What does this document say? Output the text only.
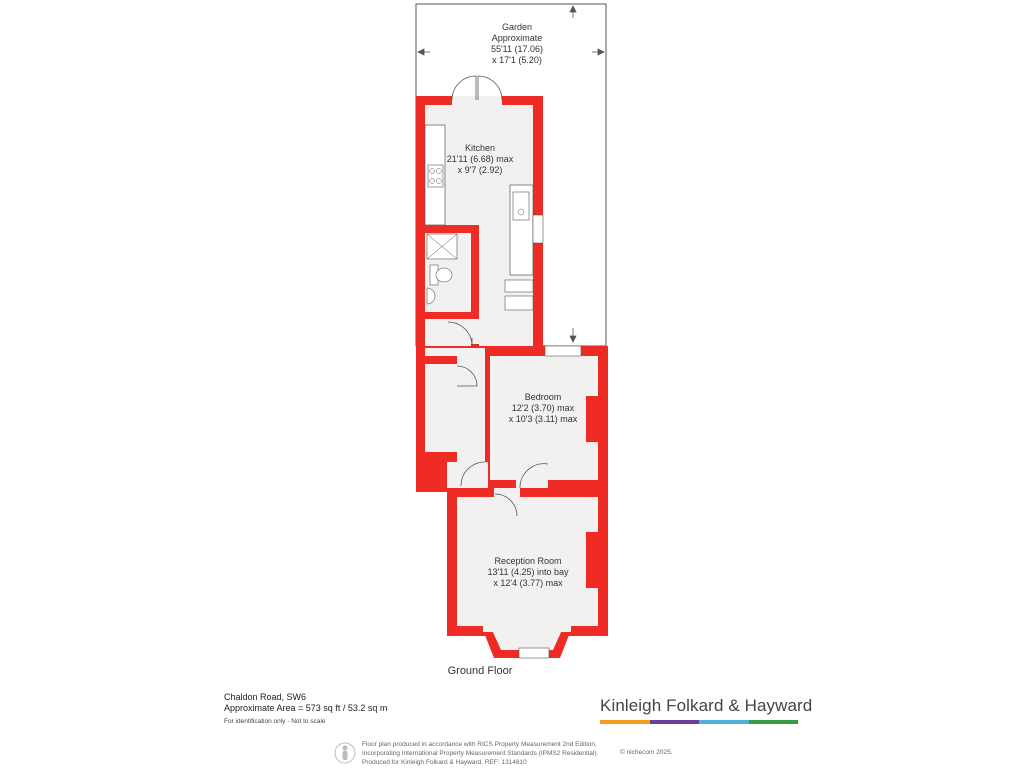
Garden
Approximate
55'11 (17.06)
x 17'1 (5.20)
Kitchen
21'11 (6.68) max
x 9'7 (2.92)
Bedroom
12'2 (3.70) max
x 10'3 (3.11) max
Reception Room
13'11 (4.25) into bay
x 12'4 (3.77) max
Ground Floor
Chaldon Road, SW6
Approximate Area = 573 sq ft / 53.2 sq m
For identification only - Not to scale
Kinleigh Folkard & Hayward
Floor plan produced in accordance with RICS Property Measurement 2nd Edition,
Incorporating International Property Measurement Standards (IPMS2 Residential).
Produced for Kinleigh Folkard & Hayward. REF: 1314810
© nichecom 2025.
